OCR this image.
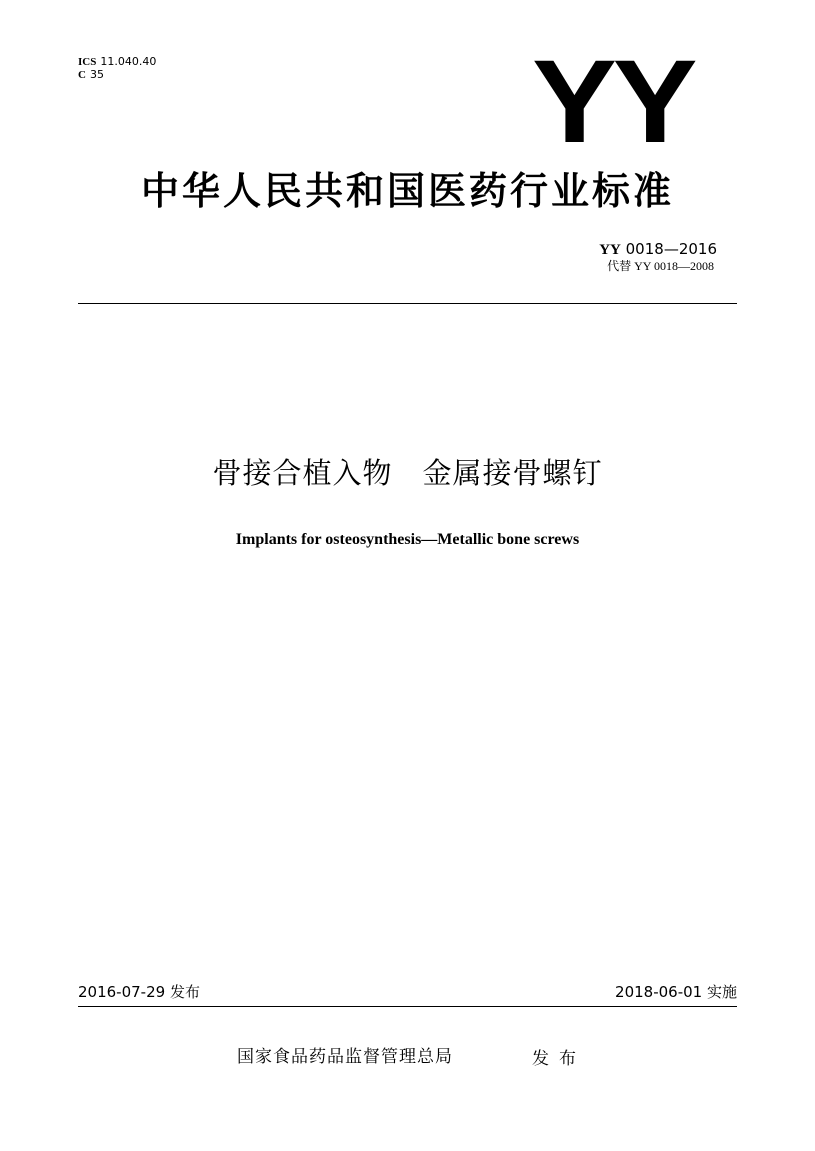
ICS 11.040.40
C 35	YY
中华人民共和国医药行业标准
YY 0018—2016
代替 YY 0018—2008
骨接合植入物　金属接骨螺钉
Implants for osteosynthesis—Metallic bone screws
2016-07-29 发布	2018-06-01 实施
国家食品药品监督管理总局	发布
